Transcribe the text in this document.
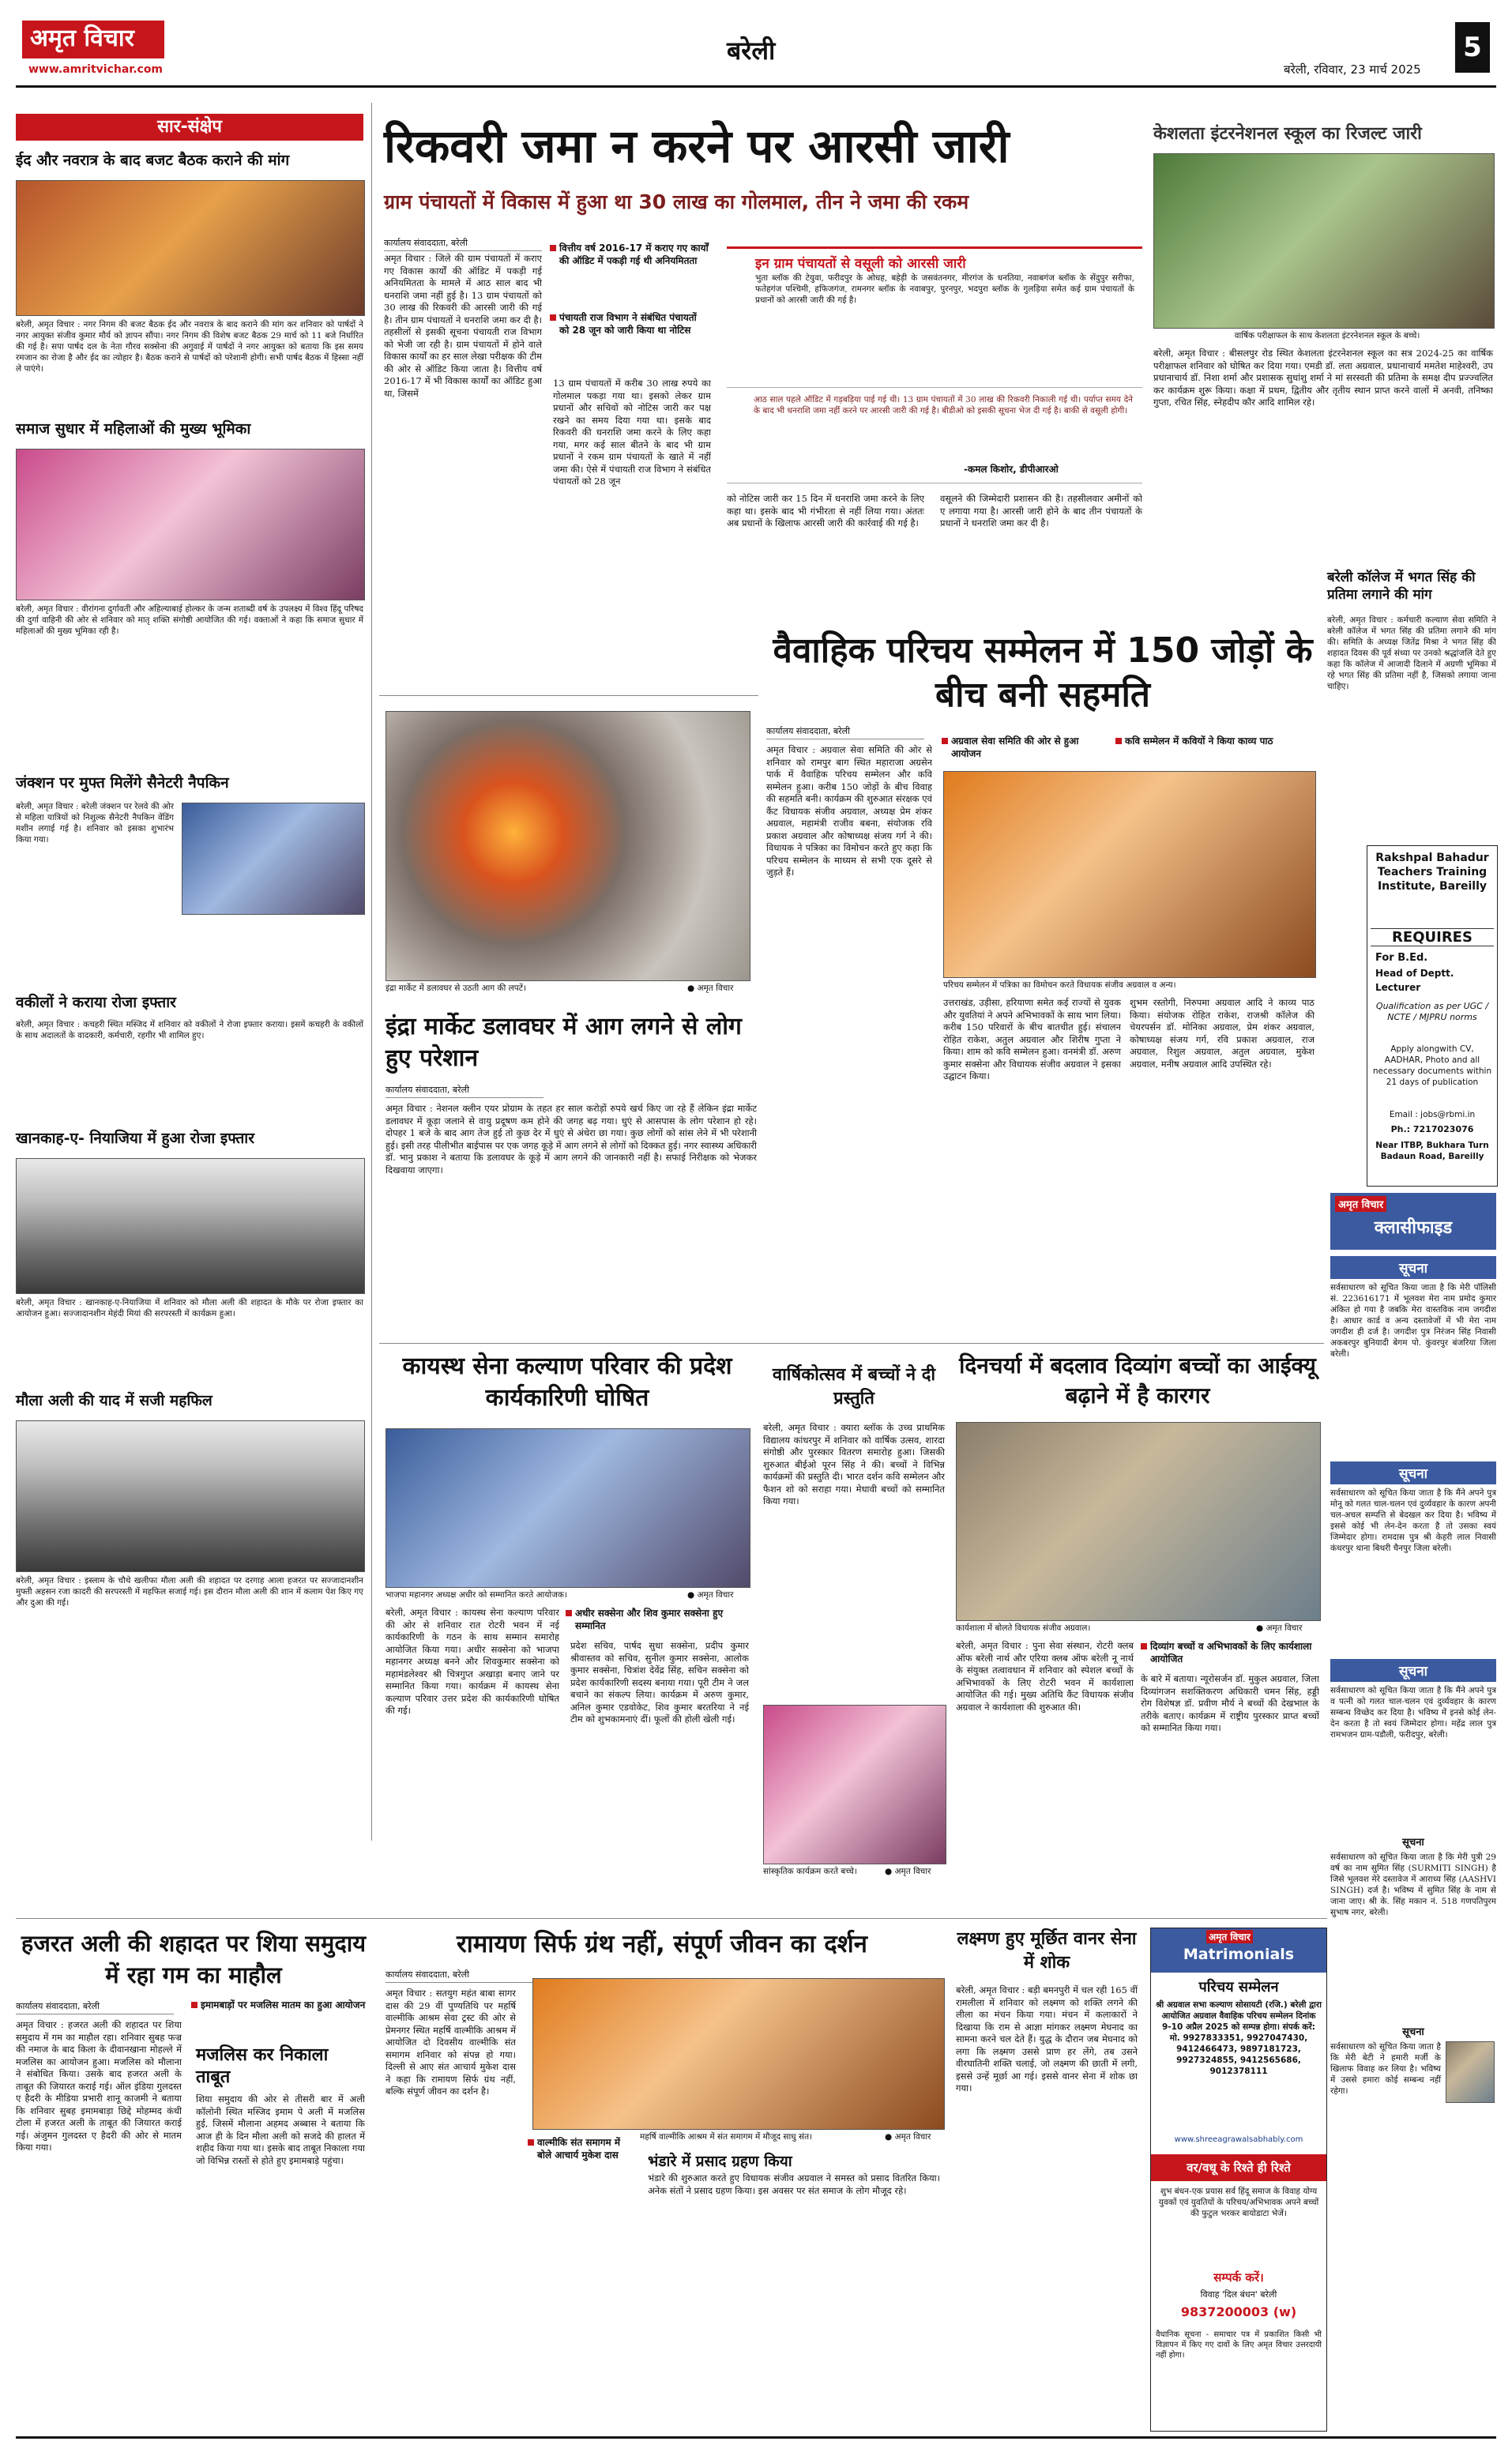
अमृत विचार
www.amritvichar.com
बरेली
बरेली, रविवार, 23 मार्च 2025
5
सार-संक्षेप
ईद और नवरात्र के बाद बजट बैठक कराने की मांग
बरेली, अमृत विचार : नगर निगम की बजट बैठक ईद और नवरात्र के बाद कराने की मांग कर शनिवार को पार्षदों ने नगर आयुक्त संजीव कुमार मौर्य को ज्ञापन सौंपा। नगर निगम की विशेष बजट बैठक 29 मार्च को 11 बजे निर्धारित की गई है। सपा पार्षद दल के नेता गौरव सक्सेना की अगुवाई में पार्षदों ने नगर आयुक्त को बताया कि इस समय रमजान का रोजा है और ईद का त्योहार है। बैठक कराने से पार्षदों को परेशानी होगी। सभी पार्षद बैठक में हिस्सा नहीं ले पाएंगे।
समाज सुधार में महिलाओं की मुख्य भूमिका
बरेली, अमृत विचार : वीरांगना दुर्गावती और अहिल्याबाई होल्कर के जन्म शताब्दी वर्ष के उपलक्ष्य में विश्व हिंदू परिषद की दुर्गा वाहिनी की ओर से शनिवार को मातृ शक्ति संगोष्ठी आयोजित की गई। वक्ताओं ने कहा कि समाज सुधार में महिलाओं की मुख्य भूमिका रही है।
जंक्शन पर मुफ्त मिलेंगे सैनेटरी नैपकिन
बरेली, अमृत विचार : बरेली जंक्शन पर रेलवे की ओर से महिला यात्रियों को निशुल्क सैनेटरी नैपकिन वेंडिंग मशीन लगाई गई है। शनिवार को इसका शुभारंभ किया गया।
वकीलों ने कराया रोजा इफ्तार
बरेली, अमृत विचार : कचहरी स्थित मस्जिद में शनिवार को वकीलों ने रोजा इफ्तार कराया। इसमें कचहरी के वकीलों के साथ अदालतों के वादकारी, कर्मचारी, रहगीर भी शामिल हुए।
खानकाह-ए- नियाजिया में हुआ रोजा इफ्तार
बरेली, अमृत विचार : खानकाह-ए-नियाजिया में शनिवार को मौला अली की शहादत के मौके पर रोजा इफ्तार का आयोजन हुआ। सज्जादानशीन मेहंदी मियां की सरपरस्ती में कार्यक्रम हुआ।
मौला अली की याद में सजी महफिल
बरेली, अमृत विचार : इस्लाम के चौथे खलीफा मौला अली की शहादत पर दरगाह आला हजरत पर सज्जादानशीन मुफ्ती अहसन रजा कादरी की सरपरस्ती में महफिल सजाई गई। इस दौरान मौला अली की शान में कलाम पेश किए गए और दुआ की गई।
रिकवरी जमा न करने पर आरसी जारी
ग्राम पंचायतों में विकास में हुआ था 30 लाख का गोलमाल, तीन ने जमा की रकम
कार्यालय संवाददाता, बरेली
अमृत विचार : जिले की ग्राम पंचायतों में कराए गए विकास कार्यों की ऑडिट में पकड़ी गई अनियमितता के मामले में आठ साल बाद भी धनराशि जमा नहीं हुई है। 13 ग्राम पंचायतों को 30 लाख की रिकवरी की आरसी जारी की गई है। तीन ग्राम पंचायतों ने धनराशि जमा कर दी है। तहसीलों से इसकी सूचना पंचायती राज विभाग को भेजी जा रही है। ग्राम पंचायतों में होने वाले विकास कार्यों का हर साल लेखा परीक्षक की टीम की ओर से ऑडिट किया जाता है। वित्तीय वर्ष 2016-17 में भी विकास कार्यों का ऑडिट हुआ था, जिसमें
वित्तीय वर्ष 2016-17 में कराए गए कार्यों की ऑडिट में पकड़ी गई थी अनियमितता
पंचायती राज विभाग ने संबंधित पंचायतों को 28 जून को जारी किया था नोटिस
13 ग्राम पंचायतों में करीब 30 लाख रुपये का गोलमाल पकड़ा गया था। इसको लेकर ग्राम प्रधानों और सचिवों को नोटिस जारी कर पक्ष रखने का समय दिया गया था। इसके बाद रिकवरी की धनराशि जमा करने के लिए कहा गया, मगर कई साल बीतने के बाद भी ग्राम प्रधानों ने रकम ग्राम पंचायतों के खाते में नहीं जमा की। ऐसे में पंचायती राज विभाग ने संबंधित पंचायतों को 28 जून
इन ग्राम पंचायतों से वसूली को आरसी जारी
भुता ब्लॉक की टेयुवा, फरीदपुर के ओधह, बहेड़ी के जसवंतनगर, मीरगंज के धनतिया, नवाबगंज ब्लॉक के सेंदुपुर सरीफा, फतेहगंज पश्चिमी, हफिजगंज, रामनगर ब्लॉक के नवाबपुर, पुरनपुर, भदपुरा ब्लॉक के गुलड़िया समेत कई ग्राम पंचायतों के प्रधानों को आरसी जारी की गई है।
आठ साल पहले ऑडिट में गड़बड़िया पाई गई थी। 13 ग्राम पंचायतों में 30 लाख की रिकवरी निकाली गई थी। पर्याप्त समय देने के बाद भी धनराशि जमा नहीं करने पर आरसी जारी की गई है। बीडीओ को इसकी सूचना भेज दी गई है। बाकी से वसूली होगी।
-कमल किशोर, डीपीआरओ
को नोटिस जारी कर 15 दिन में धनराशि जमा करने के लिए कहा था। इसके बाद भी गंभीरता से नहीं लिया गया। अंततः अब प्रधानों के खिलाफ आरसी जारी की कार्रवाई की गई है।
वसूलने की जिम्मेदारी प्रशासन की है। तहसीलवार अमीनों को ए लगाया गया है। आरसी जारी होने के बाद तीन पंचायतों के प्रधानों ने धनराशि जमा कर दी है।
केशलता इंटरनेशनल स्कूल का रिजल्ट जारी
वार्षिक परीक्षाफल के साथ केशलता इंटरनेशनल स्कूल के बच्चे।
बरेली, अमृत विचार : बीसलपुर रोड स्थित केशलता इंटरनेशनल स्कूल का सत्र 2024-25 का वार्षिक परीक्षाफल शनिवार को घोषित कर दिया गया। एमडी डॉ. लता अग्रवाल, प्रधानाचार्य ममतेश माहेश्वरी, उप प्रधानाचार्य डॉ. निशा शर्मा और प्रशासक सुधांशु शर्मा ने मां सरस्वती की प्रतिमा के समक्ष दीप प्रज्ज्वलित कर कार्यक्रम शुरू किया। कक्षा में प्रथम, द्वितीय और तृतीय स्थान प्राप्त करने वालों में अनवी, तनिष्का गुप्ता, रचित सिंह, स्नेहदीप कौर आदि शामिल रहे।
इंद्रा मार्केट में डलावघर से उठती आग की लपटें।	● अमृत विचार
इंद्रा मार्केट डलावघर में आग लगने से लोग हुए परेशान
कार्यालय संवाददाता, बरेली
अमृत विचार : नेशनल क्लीन एयर प्रोग्राम के तहत हर साल करोड़ों रुपये खर्च किए जा रहे हैं लेकिन इंद्रा मार्केट डलावघर में कूड़ा जलाने से वायु प्रदूषण कम होने की जगह बढ़ गया। धुएं से आसपास के लोग परेशान हो रहे। दोपहर 1 बजे के बाद आग तेज हुई तो कुछ देर में धुएं से अंधेरा छा गया। कुछ लोगों को सांस लेने में भी परेशानी हुई। इसी तरह पीलीभीत बाईपास पर एक जगह कूड़े में आग लगने से लोगों को दिक्कत हुई। नगर स्वास्थ्य अधिकारी डॉ. भानु प्रकाश ने बताया कि डलावघर के कूड़े में आग लगने की जानकारी नहीं है। सफाई निरीक्षक को भेजकर दिखवाया जाएगा।
वैवाहिक परिचय सम्मेलन में 150 जोड़ों के बीच बनी सहमति
कार्यालय संवाददाता, बरेली
अमृत विचार : अग्रवाल सेवा समिति की ओर से शनिवार को रामपुर बाग स्थित महाराजा अग्रसेन पार्क में वैवाहिक परिचय सम्मेलन और कवि सम्मेलन हुआ। करीब 150 जोड़ों के बीच विवाह की सहमति बनी। कार्यक्रम की शुरुआत संरक्षक एवं कैंट विधायक संजीव अग्रवाल, अध्यक्ष प्रेम शंकर अग्रवाल, महामंत्री राजीव बबना, संयोजक रवि प्रकाश अग्रवाल और कोषाध्यक्ष संजय गर्ग ने की। विधायक ने पत्रिका का विमोचन करते हुए कहा कि परिचय सम्मेलन के माध्यम से सभी एक दूसरे से जुड़ते हैं।
अग्रवाल सेवा समिति की ओर से हुआ आयोजन
कवि सम्मेलन में कवियों ने किया काव्य पाठ
परिचय सम्मेलन में पत्रिका का विमोचन करते विधायक संजीव अग्रवाल व अन्य।
उत्तराखंड, उड़ीसा, हरियाणा समेत कई राज्यों से युवक और युवतियां ने अपने अभिभावकों के साथ भाग लिया। करीब 150 परिवारों के बीच बातचीत हुई। संचालन रोहित राकेश, अतुल अग्रवाल और शिरीष गुप्ता ने किया। शाम को कवि सम्मेलन हुआ। वनमंत्री डॉ. अरुण कुमार सक्सेना और विधायक संजीव अग्रवाल ने इसका उद्घाटन किया।
शुभम रस्तोगी, निरुपमा अग्रवाल आदि ने काव्य पाठ किया। संयोजक रोहित राकेश, राजश्री कॉलेज की चेयरपर्सन डॉ. मोनिका अग्रवाल, प्रेम शंकर अग्रवाल, कोषाध्यक्ष संजय गर्ग, रवि प्रकाश अग्रवाल, राज अग्रवाल, रिशुल अग्रवाल, अतुल अग्रवाल, मुकेश अग्रवाल, मनीष अग्रवाल आदि उपस्थित रहे।
बरेली कॉलेज में भगत सिंह की प्रतिमा लगाने की मांग
बरेली, अमृत विचार : कर्मचारी कल्याण सेवा समिति ने बरेली कॉलेज में भगत सिंह की प्रतिमा लगाने की मांग की। समिति के अध्यक्ष जितेंद्र मिश्रा ने भगत सिंह की शहादत दिवस की पूर्व संध्या पर उनको श्रद्धांजलि देते हुए कहा कि कॉलेज में आजादी दिलाने में अग्रणी भूमिका में रहे भगत सिंह की प्रतिमा नहीं है, जिसको लगाया जाना चाहिए।
Rakshpal Bahadur Teachers Training Institute, Bareilly
REQUIRES
For B.Ed.
Head of Deptt.
Lecturer
Qualification as per UGC / NCTE / MJPRU norms
Apply alongwith CV, AADHAR, Photo and all necessary documents within 21 days of publication
Email : jobs@rbmi.in
Ph.: 7217023076
Near ITBP, Bukhara Turn Badaun Road, Bareilly
कायस्थ सेना कल्याण परिवार की प्रदेश कार्यकारिणी घोषित
भाजपा महानगर अध्यक्ष अधीर को सम्मानित करते आयोजक।	● अमृत विचार
बरेली, अमृत विचार : कायस्थ सेना कल्याण परिवार की ओर से शनिवार रात रोटरी भवन में नई कार्यकारिणी के गठन के साथ सम्मान समारोह आयोजित किया गया। अधीर सक्सेना को भाजपा महानगर अध्यक्ष बनने और शिवकुमार सक्सेना को महामंडलेश्वर श्री चित्रगुप्त अखाड़ा बनाए जाने पर सम्मानित किया गया। कार्यक्रम में कायस्थ सेना कल्याण परिवार उत्तर प्रदेश की कार्यकारिणी घोषित की गई।
अधीर सक्सेना और शिव कुमार सक्सेना हुए सम्मानित
प्रदेश सचिव, पार्षद सुधा सक्सेना, प्रदीप कुमार श्रीवास्तव को सचिव, सुनील कुमार सक्सेना, आलोक कुमार सक्सेना, चित्रांश देवेंद्र सिंह, सचिन सक्सेना को प्रदेश कार्यकारिणी सदस्य बनाया गया। पूरी टीम ने जल बचाने का संकल्प लिया। कार्यक्रम में अरुण कुमार, अनिल कुमार एडवोकेट, शिव कुमार बरतरिया ने नई टीम को शुभकामनाएं दीं। फूलों की होली खेली गई।
वार्षिकोत्सव में बच्चों ने दी प्रस्तुति
बरेली, अमृत विचार : क्यारा ब्लॉक के उच्च प्राथमिक विद्यालय कांधरपुर में शनिवार को वार्षिक उत्सव, शारदा संगोष्ठी और पुरस्कार वितरण समारोह हुआ। जिसकी शुरुआत बीईओ पूरन सिंह ने की। बच्चों ने विभिन्न कार्यक्रमों की प्रस्तुति दी। भारत दर्शन कवि सम्मेलन और फैशन शो को सराहा गया। मेधावी बच्चों को सम्मानित किया गया।
सांस्कृतिक कार्यक्रम करते बच्चे।	● अमृत विचार
दिनचर्या में बदलाव दिव्यांग बच्चों का आईक्यू बढ़ाने में है कारगर
कार्यशाला में बोलते विधायक संजीव अग्रवाल।	● अमृत विचार
बरेली, अमृत विचार : पुना सेवा संस्थान, रोटरी क्लब ऑफ बरेली नार्थ और एरिया क्लब ऑफ बरेली नू नार्थ के संयुक्त तत्वावधान में शनिवार को स्पेशल बच्चों के अभिभावकों के लिए रोटरी भवन में कार्यशाला आयोजित की गई। मुख्य अतिथि कैंट विधायक संजीव अग्रवाल ने कार्यशाला की शुरुआत की।
दिव्यांग बच्चों व अभिभावकों के लिए कार्यशाला आयोजित
के बारे में बताया। न्यूरोसर्जन डॉ. मुकुल अग्रवाल, जिला दिव्यांगजन सशक्तिकरण अधिकारी चमन सिंह, हड्डी रोग विशेषज्ञ डॉ. प्रवीण मौर्य ने बच्चों की देखभाल के तरीके बताए। कार्यक्रम में राष्ट्रीय पुरस्कार प्राप्त बच्चों को सम्मानित किया गया।
अमृत विचार
क्लासीफाइड
सूचना
सर्वसाधारण को सूचित किया जाता है कि मेरी पॉलिसी सं. 223616171 में भूलवश मेरा नाम प्रमोद कुमार अंकित हो गया है जबकि मेरा वास्तविक नाम जगदीश है। आधार कार्ड व अन्य दस्तावेजों में भी मेरा नाम जगदीश ही दर्ज है। जगदीश पुत्र निरंजन सिंह निवासी अकबरपुर बुनियादी बेगम पो. कुंवरपुर बंजरिया जिला बरेली।
सूचना
सर्वसाधारण को सूचित किया जाता है कि मैंने अपने पुत्र मोनू को गलत चाल-चलन एवं दुर्व्यवहार के कारण अपनी चल-अचल सम्पत्ति से बेदखल कर दिया है। भविष्य में इससे कोई भी लेन-देन करता है तो उसका स्वयं जिम्मेदार होगा। रामदास पुत्र श्री केहरी लाल निवासी कंधरपुर थाना बिथरी चैनपुर जिला बरेली।
सूचना
सर्वसाधारण को सूचित किया जाता है कि मैंने अपने पुत्र व पत्नी को गलत चाल-चलन एवं दुर्व्यवहार के कारण सम्बन्ध विच्छेद कर दिया है। भविष्य में इनसे कोई लेन-देन करता है तो स्वयं जिम्मेदार होगा। महेंद्र लाल पुत्र रामभजन ग्राम-पडौली, फरीदपुर, बरेली।
सूचना
सर्वसाधारण को सूचित किया जाता है कि मेरी पुत्री 29 वर्ष का नाम सुमित सिंह (SURMITI SINGH) है जिसे भूलवश मेरे दस्तावेज में आराध्य सिंह (AASHVI SINGH) दर्ज है। भविष्य में सुमित सिंह के नाम से जाना जाए। श्री के. सिंह मकान नं. 518 गणपतिपुरम सुभाष नगर, बरेली।
सूचना
सर्वसाधारण को सूचित किया जाता है कि मेरी बेटी ने हमारी मर्जी के खिलाफ विवाह कर लिया है। भविष्य में उससे हमारा कोई सम्बन्ध नहीं रहेगा।
हजरत अली की शहादत पर शिया समुदाय में रहा गम का माहौल
कार्यालय संवाददाता, बरेली
अमृत विचार : हजरत अली की शहादत पर शिया समुदाय में गम का माहौल रहा। शनिवार सुबह फज्र की नमाज के बाद किला के दीवानखाना मोहल्ले में मजलिस का आयोजन हुआ। मजलिस को मौलाना ने संबोधित किया। उसके बाद हजरत अली के ताबूत की जियारत कराई गई। ऑल इंडिया गुलदस्त ए हैदरी के मीडिया प्रभारी शानू काजमी ने बताया कि शनिवार सुबह इमामबाड़ा छिद्दे मोहम्मद कंधी टोला में हजरत अली के ताबूत की जियारत कराई गई। अंजुमन गुलदस्त ए हैदरी की ओर से मातम किया गया।
इमामबाड़ों पर मजलिस मातम का हुआ आयोजन
मजलिस कर निकाला ताबूत
शिया समुदाय की ओर से तीसरी बार में अली कॉलोनी स्थित मस्जिद इमाम पे अली में मजलिस हुई, जिसमें मौलाना अहमद अब्बास ने बताया कि आज ही के दिन मौला अली को सजदे की हालत में शहीद किया गया था। इसके बाद ताबूत निकाला गया जो विभिन्न रास्तों से होते हुए इमामबाड़े पहुंचा।
रामायण सिर्फ ग्रंथ नहीं, संपूर्ण जीवन का दर्शन
कार्यालय संवाददाता, बरेली
अमृत विचार : सतयुग महंत बाबा सागर दास की 29 वीं पुण्यतिथि पर महर्षि वाल्मीकि आश्रम सेवा ट्रस्ट की ओर से प्रेमनगर स्थित महर्षि वाल्मीकि आश्रम में आयोजित दो दिवसीय वाल्मीकि संत समागम शनिवार को संपन्न हो गया। दिल्ली से आए संत आचार्य मुकेश दास ने कहा कि रामायण सिर्फ ग्रंथ नहीं, बल्कि संपूर्ण जीवन का दर्शन है।
वाल्मीकि संत समागम में बोले आचार्य मुकेश दास
महर्षि वाल्मीकि आश्रम में संत समागम में मौजूद साधु संत।	● अमृत विचार
भंडारे में प्रसाद ग्रहण किया
भंडारे की शुरुआत करते हुए विधायक संजीव अग्रवाल ने समस्त को प्रसाद वितरित किया। अनेक संतों ने प्रसाद ग्रहण किया। इस अवसर पर संत समाज के लोग मौजूद रहे।
लक्ष्मण हुए मूर्छित वानर सेना में शोक
बरेली, अमृत विचार : बड़ी बमनपुरी में चल रही 165 वीं रामलीला में शनिवार को लक्ष्मण को शक्ति लगने की लीला का मंचन किया गया। मंचन में कलाकारों ने दिखाया कि राम से आज्ञा मांगकर लक्ष्मण मेघनाद का सामना करने चल देते हैं। युद्ध के दौरान जब मेघनाद को लगा कि लक्ष्मण उससे प्राण हर लेंगे, तब उसने वीरघातिनी शक्ति चलाई, जो लक्ष्मण की छाती में लगी, इससे उन्हें मूर्छा आ गई। इससे वानर सेना में शोक छा गया।
अमृत विचार
Matrimonials
परिचय सम्मेलन
श्री अग्रवाल सभा कल्याण सोसायटी (रजि.) बरेली द्वारा आयोजित अग्रवाल वैवाहिक परिचय सम्मेलन दिनांक 9-10 अप्रैल 2025 को सम्पन्न होगा। संपर्क करें: मो. 9927833351, 9927047430, 9412466473, 9897181723, 9927324855, 9412565686, 9012378111
www.shreeagrawalsabhably.com
वर/वधू के रिश्ते ही रिश्ते
शुभ बंधन-एक प्रयास सर्व हिंदू समाज के विवाह योग्य युवकों एवं युवतियों के परिचय/अभिभावक अपने बच्चों की फुटुल भरकर बायोडाटा भेजें।
सम्पर्क करें।
विवाह 'दिल बंधन' बरेली
9837200003 (w)
वैधानिक सूचना - समाचार पत्र में प्रकाशित किसी भी विज्ञापन में किए गए दावों के लिए अमृत विचार उत्तरदायी नहीं होगा।
